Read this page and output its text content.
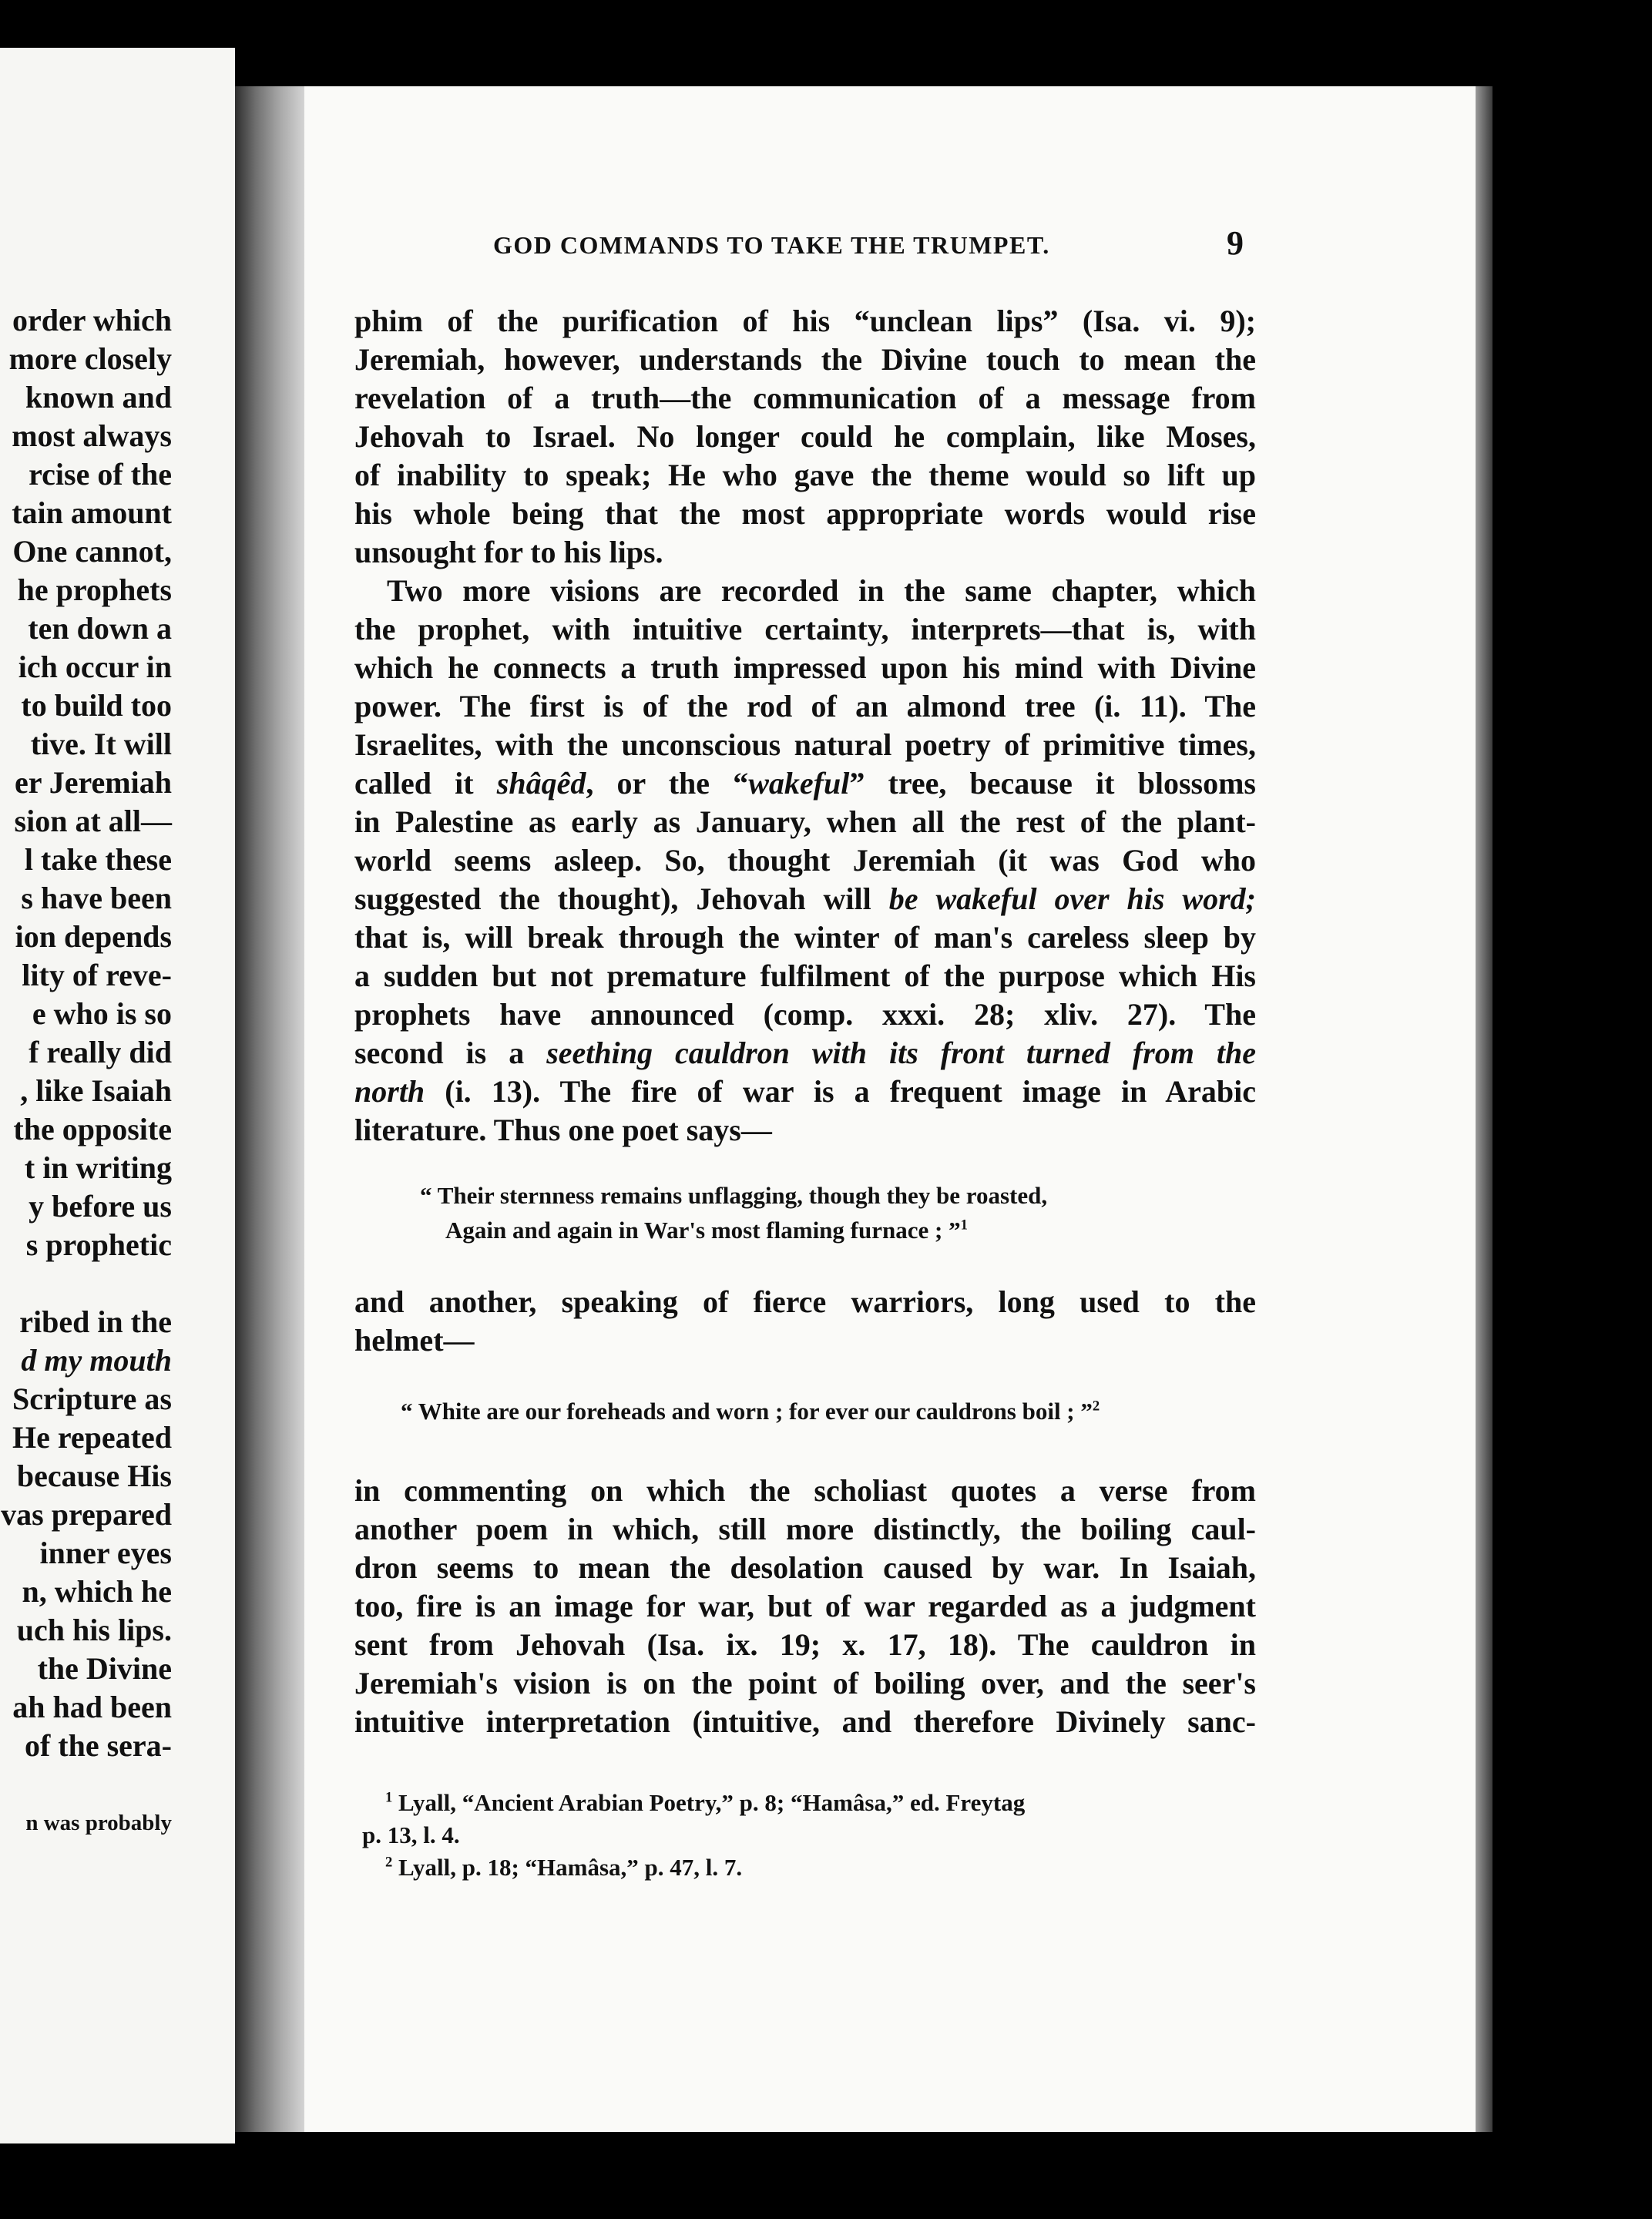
order which
more closely
known and
most always
rcise of the
tain amount
One cannot,
he prophets
ten down a
ich occur in
to build too
tive. It will
er Jeremiah
sion at all—
l take these
s have been
ion depends
lity of reve-
e who is so
f really did
, like Isaiah
the opposite
t in writing
y before us
s prophetic
ribed in the
d my mouth
Scripture as
He repeated
because His
vas prepared
inner eyes
n, which he
uch his lips.
the Divine
ah had been
of the sera-
n was probably
GOD COMMANDS TO TAKE THE TRUMPET.	9
phim of the purification of his “unclean lips” (Isa. vi. 9);
Jeremiah, however, understands the Divine touch to mean the
revelation of a truth—the communication of a message from
Jehovah to Israel. No longer could he complain, like Moses,
of inability to speak; He who gave the theme would so lift up
his whole being that the most appropriate words would rise
unsought for to his lips.
Two more visions are recorded in the same chapter, which
the prophet, with intuitive certainty, interprets—that is, with
which he connects a truth impressed upon his mind with Divine
power. The first is of the rod of an almond tree (i. 11). The
Israelites, with the unconscious natural poetry of primitive times,
called it shâqêd, or the “wakeful” tree, because it blossoms
in Palestine as early as January, when all the rest of the plant-
world seems asleep. So, thought Jeremiah (it was God who
suggested the thought), Jehovah will be wakeful over his word;
that is, will break through the winter of man's careless sleep by
a sudden but not premature fulfilment of the purpose which His
prophets have announced (comp. xxxi. 28; xliv. 27). The
second is a seething cauldron with its front turned from the
north (i. 13). The fire of war is a frequent image in Arabic
literature. Thus one poet says—
“ Their sternness remains unflagging, though they be roasted,
Again and again in War's most flaming furnace ; ”$^1$
and another, speaking of fierce warriors, long used to the
helmet—
“ White are our foreheads and worn ; for ever our cauldrons boil ; ”$^2$
in commenting on which the scholiast quotes a verse from
another poem in which, still more distinctly, the boiling caul-
dron seems to mean the desolation caused by war. In Isaiah,
too, fire is an image for war, but of war regarded as a judgment
sent from Jehovah (Isa. ix. 19; x. 17, 18). The cauldron in
Jeremiah's vision is on the point of boiling over, and the seer's
intuitive interpretation (intuitive, and therefore Divinely sanc-
$^1$ Lyall, “Ancient Arabian Poetry,” p. 8; “Hamâsa,” ed. Freytag
p. 13, l. 4.
$^2$ Lyall, p. 18; “Hamâsa,” p. 47, l. 7.
